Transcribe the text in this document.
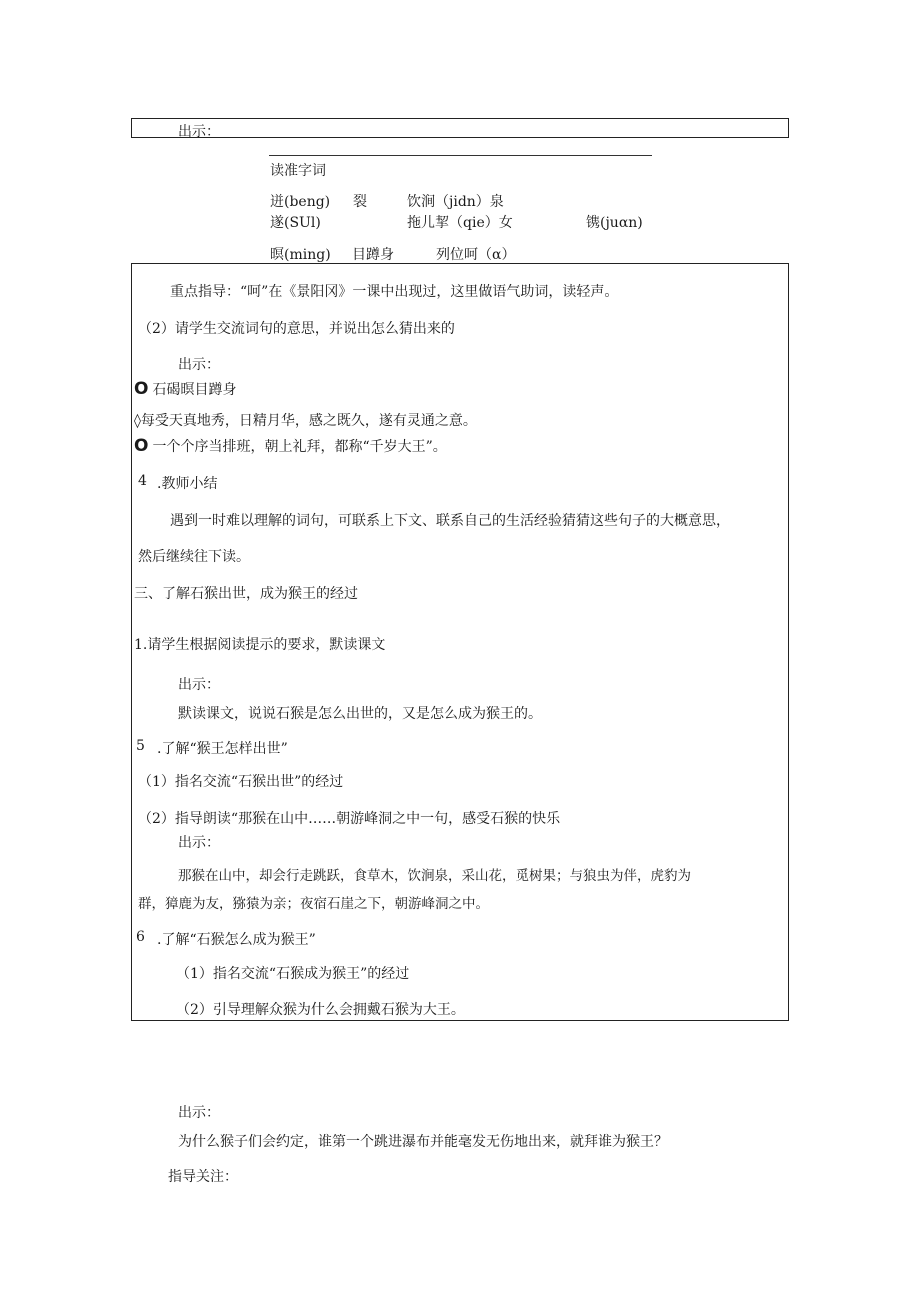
出示：
读准字词
迸(beng) 裂	饮涧（jidn）泉
遂(SUl)	拖儿挈（qie）女	镌(juαn)
暝(ming) 目蹲身	列位呵（α）
重点指导：“呵”在《景阳冈》一课中出现过，这里做语气助词，读轻声。
（2）请学生交流词句的意思，并说出怎么猜出来的
出示：
O 石碣暝目蹲身
◊每受天真地秀，日精月华，感之既久，遂有灵通之意。
O 一个个序当排班，朝上礼拜，都称“千岁大王”。
4 .教师小结
遇到一时难以理解的词句，可联系上下文、联系自己的生活经验猜猜这些句子的大概意思，
然后继续往下读。
三、了解石猴出世，成为猴王的经过
1.请学生根据阅读提示的要求，默读课文
出示：
默读课文，说说石猴是怎么出世的，又是怎么成为猴王的。
5 .了解“猴王怎样出世”
（1）指名交流“石猴出世”的经过
（2）指导朗读“那猴在山中……朝游峰洞之中一句，感受石猴的快乐
出示：
那猴在山中，却会行走跳跃，食草木，饮涧泉，采山花，觅树果；与狼虫为伴，虎豹为
群，獐鹿为友，猕猿为亲；夜宿石崖之下，朝游峰洞之中。
6 .了解“石猴怎么成为猴王”
（1）指名交流“石猴成为猴王”的经过
（2）引导理解众猴为什么会拥戴石猴为大王。
出示：
为什么猴子们会约定，谁第一个跳进瀑布并能毫发无伤地出来，就拜谁为猴王？
指导关注：
